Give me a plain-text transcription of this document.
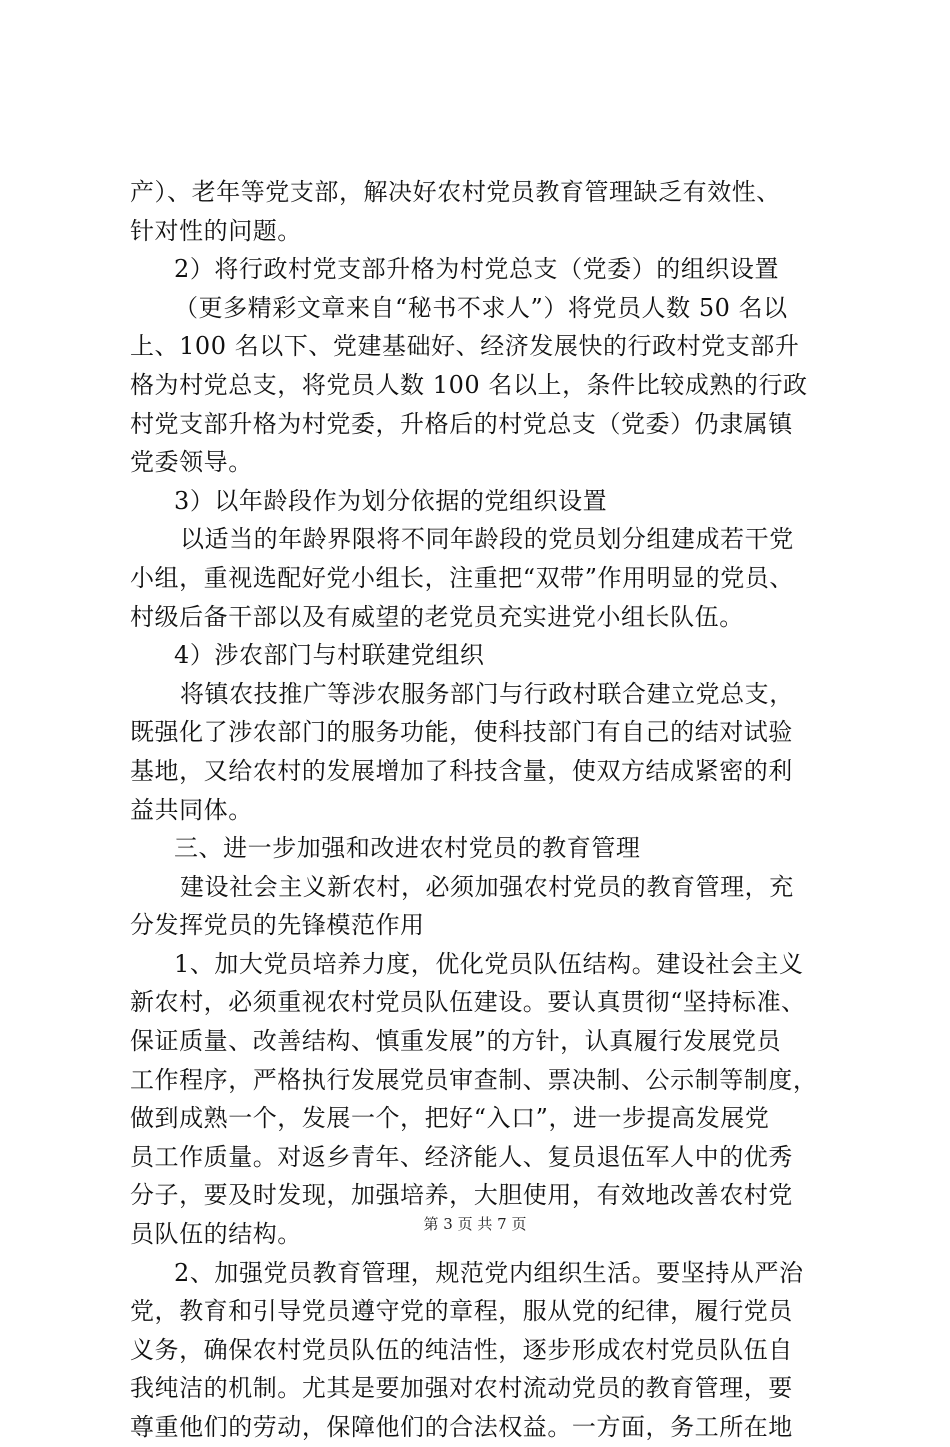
产）、老年等党支部，解决好农村党员教育管理缺乏有效性、
针对性的问题。
2）将行政村党支部升格为村党总支（党委）的组织设置
（更多精彩文章来自“秘书不求人”）将党员人数 50 名以
上、100 名以下、党建基础好、经济发展快的行政村党支部升
格为村党总支，将党员人数 100 名以上，条件比较成熟的行政
村党支部升格为村党委，升格后的村党总支（党委）仍隶属镇
党委领导。
3）以年龄段作为划分依据的党组织设置
以适当的年龄界限将不同年龄段的党员划分组建成若干党
小组，重视选配好党小组长，注重把“双带”作用明显的党员、
村级后备干部以及有威望的老党员充实进党小组长队伍。
4）涉农部门与村联建党组织
将镇农技推广等涉农服务部门与行政村联合建立党总支，
既强化了涉农部门的服务功能，使科技部门有自己的结对试验
基地，又给农村的发展增加了科技含量，使双方结成紧密的利
益共同体。
三、进一步加强和改进农村党员的教育管理
建设社会主义新农村，必须加强农村党员的教育管理，充
分发挥党员的先锋模范作用
1、加大党员培养力度，优化党员队伍结构。建设社会主义
新农村，必须重视农村党员队伍建设。要认真贯彻“坚持标准、
保证质量、改善结构、慎重发展”的方针，认真履行发展党员
工作程序，严格执行发展党员审查制、票决制、公示制等制度，
做到成熟一个，发展一个，把好“入口”，进一步提高发展党
员工作质量。对返乡青年、经济能人、复员退伍军人中的优秀
分子，要及时发现，加强培养，大胆使用，有效地改善农村党
员队伍的结构。
2、加强党员教育管理，规范党内组织生活。要坚持从严治
党，教育和引导党员遵守党的章程，服从党的纪律，履行党员
义务，确保农村党员队伍的纯洁性，逐步形成农村党员队伍自
我纯洁的机制。尤其是要加强对农村流动党员的教育管理，要
尊重他们的劳动，保障他们的合法权益。一方面，务工所在地
第 3 页 共 7 页
